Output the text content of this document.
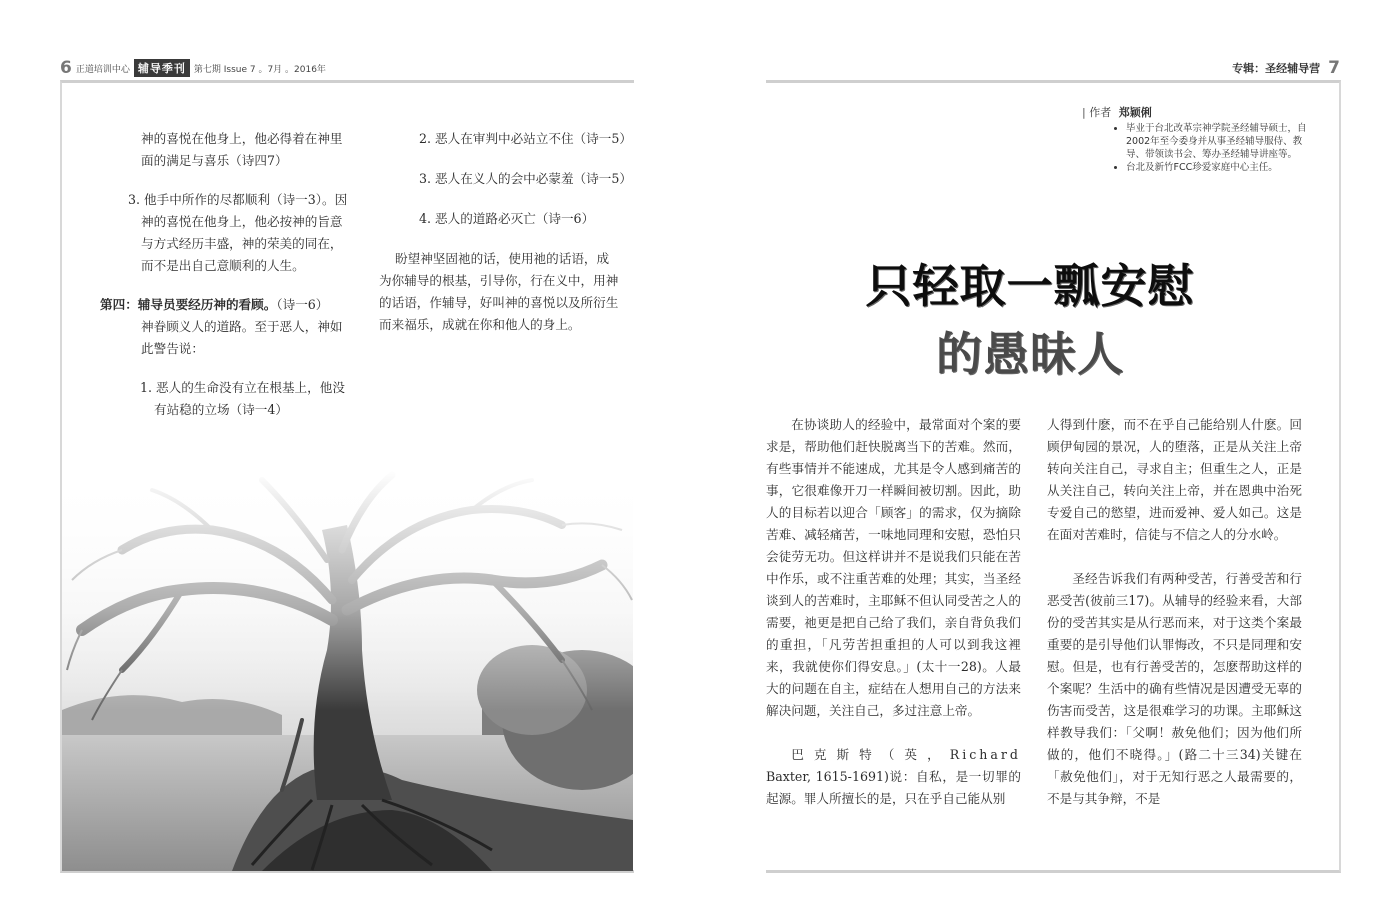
6 正道培训中心 辅导季刊 第七期 Issue 7 。7月 。2016年	专辑：圣经辅导营 7

神的喜悦在他身上，他必得着在神里

面的满足与喜乐（诗四7）

3. 他手中所作的尽都顺利（诗一3）。因

神的喜悦在他身上，他必按神的旨意

与方式经历丰盛，神的荣美的同在，

而不是出自己意顺利的人生。

第四：辅导员要经历神的看顾。（诗一6）

神眷顾义人的道路。至于恶人，神如

此警告说：

1. 恶人的生命没有立在根基上，他没

有站稳的立场（诗一4）

2. 恶人在审判中必站立不住（诗一5）

3. 恶人在义人的会中必蒙羞（诗一5）

4. 恶人的道路必灭亡（诗一6）

盼望神坚固祂的话，使用祂的话语，成

为你辅导的根基，引导你，行在义中，用神

的话语，作辅导，好叫神的喜悦以及所衍生

而来福乐，成就在你和他人的身上。

| 作者 郑颖俐
• 毕业于台北改革宗神学院圣经辅导硕士，自2002年至今委身并从事圣经辅导服侍、教导、带领读书会、筹办圣经辅导讲座等。
• 台北及新竹FCC珍爱家庭中心主任。
只轻取一瓢安慰
的愚昧人

在协谈助人的经验中，最常面对个案的要求是，帮助他们赶快脱离当下的苦难。然而，有些事情并不能速成，尤其是令人感到痛苦的事，它很难像开刀一样瞬间被切割。因此，助人的目标若以迎合「顾客」的需求，仅为摘除苦难、减轻痛苦，一味地同理和安慰，恐怕只会徒劳无功。但这样讲并不是说我们只能在苦中作乐，或不注重苦难的处理；其实，当圣经谈到人的苦难时，主耶稣不但认同受苦之人的需要，祂更是把自己给了我们，亲自背负我们的重担，「凡劳苦担重担的人可以到我这裡来，我就使你们得安息。」(太十一28)。人最大的问题在自主，症结在人想用自己的方法来解决问题，关注自己，多过注意上帝。

巴克斯特（英，Richard

Baxter, 1615-1691)说：自私，是一切罪的起源。罪人所擅长的是，只在乎自己能从别

人得到什麽，而不在乎自己能给别人什麽。回顾伊甸园的景况，人的堕落，正是从关注上帝转向关注自己，寻求自主；但重生之人，正是从关注自己，转向关注上帝，并在恩典中治死专爱自己的慾望，进而爱神、爱人如己。这是在面对苦难时，信徒与不信之人的分水岭。

圣经告诉我们有两种受苦，行善受苦和行恶受苦(彼前三17)。从辅导的经验来看，大部份的受苦其实是从行恶而来，对于这类个案最重要的是引导他们认罪悔改，不只是同理和安慰。但是，也有行善受苦的，怎麽帮助这样的个案呢？生活中的确有些情况是因遭受无辜的伤害而受苦，这是很难学习的功课。主耶稣这样教导我们：「父啊！赦免他们；因为他们所做的，他们不晓得。」(路二十三34)关键在「赦免他们」，对于无知行恶之人最需要的，不是与其争辩，不是
